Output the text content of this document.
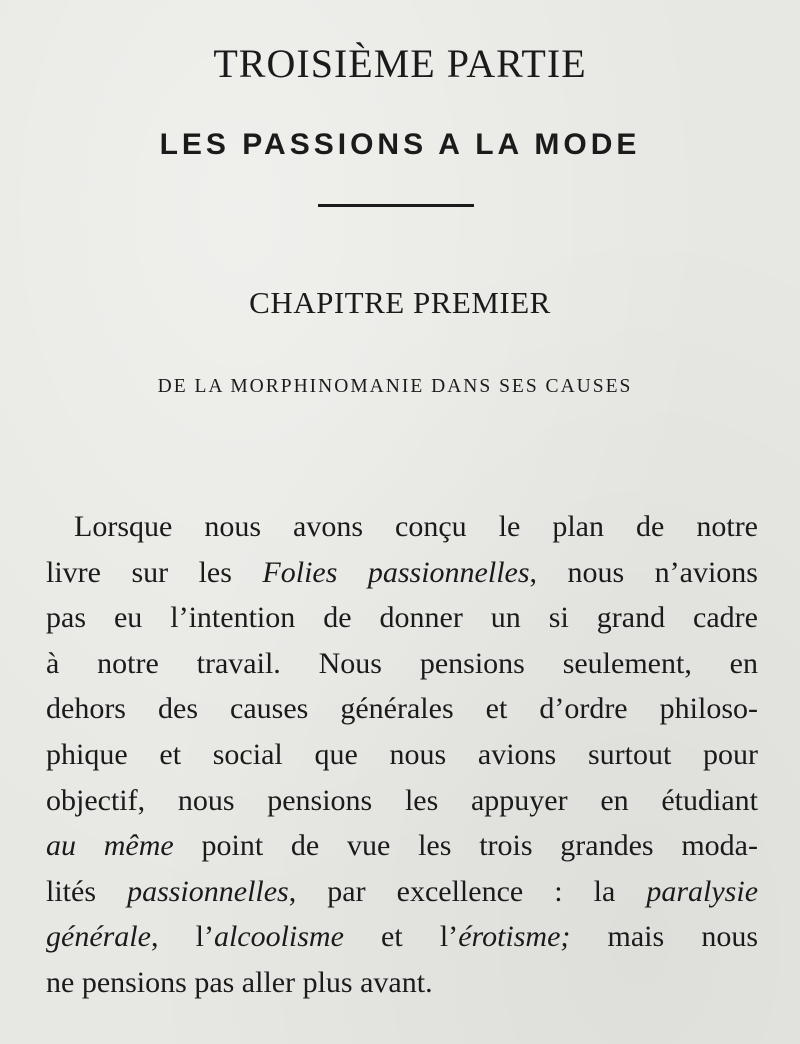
TROISIÈME PARTIE
LES PASSIONS A LA MODE
CHAPITRE PREMIER
DE LA MORPHINOMANIE DANS SES CAUSES

Lorsque nous avons conçu le plan de notre
livre sur les Folies passionnelles, nous n’avions
pas eu l’intention de donner un si grand cadre
à notre travail. Nous pensions seulement, en
dehors des causes générales et d’ordre philoso-
phique et social que nous avions surtout pour
objectif, nous pensions les appuyer en étudiant
au même point de vue les trois grandes moda-
lités passionnelles, par excellence : la paralysie
générale, l’alcoolisme et l’érotisme; mais nous
ne pensions pas aller plus avant.
